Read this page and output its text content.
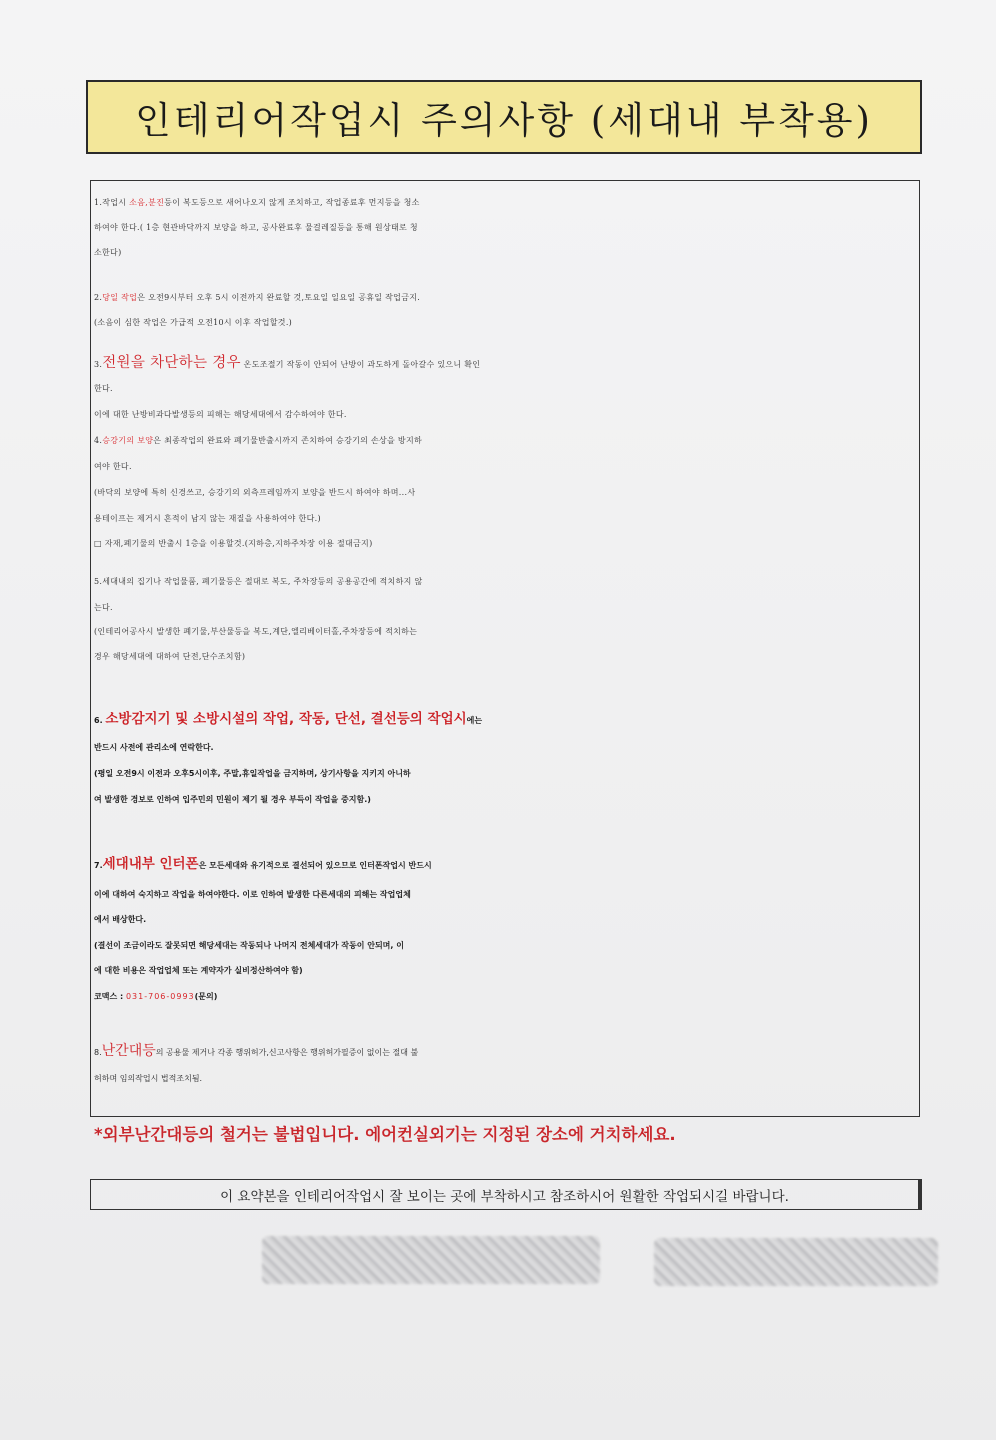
인테리어작업시 주의사항 (세대내 부착용)
1.작업시 소음,분진등이 복도등으로 새어나오지 않게 조치하고, 작업종료후 먼지등을 청소
하여야 한다.( 1층 현관바닥까지 보양을 하고, 공사완료후 물걸레질등을 통해 원상태로 청
소한다)
2.당일 작업은 오전9시부터 오후 5시 이전까지 완료할 것,토요일 일요일 공휴일 작업금지.
(소음이 심한 작업은 가급적 오전10시 이후 작업할것.)
3.전원을 차단하는 경우 온도조절기 작동이 안되어 난방이 과도하게 돌아갈수 있으니 확인
한다.
이에 대한 난방비과다발생등의 피해는 해당세대에서 감수하여야 한다.
4.승강기의 보양은 최종작업의 완료와 폐기물반출시까지 존치하여 승강기의 손상을 방지하
여야 한다.
(바닥의 보양에 특히 신경쓰고, 승강기의 외측프레임까지 보양을 반드시 하여야 하며...사
용테이프는 제거시 흔적이 남지 않는 재질을 사용하여야 한다.)
□ 자재,폐기물의 반출시 1층을 이용할것.(지하층,지하주차장 이용 절대금지)
5.세대내의 집기나 작업물품, 폐기물등은 절대로 복도, 주차장등의 공용공간에 적치하지 않
는다.
(인테리어공사시 발생한 폐기물,부산물등을 복도,계단,엘리베이터홀,주차장등에 적치하는
경우 해당세대에 대하여 단전,단수조치함)
6. 소방감지기 및 소방시설의 작업, 작동, 단선, 결선등의 작업시에는
반드시 사전에 관리소에 연락한다.
(평일 오전9시 이전과 오후5시이후, 주말,휴일작업을 금지하며, 상기사항을 지키지 아니하
여 발생한 경보로 인하여 입주민의 민원이 제기 될 경우 부득이 작업을 중지함.)
7.세대내부 인터폰은 모든세대와 유기적으로 결선되어 있으므로 인터폰작업시 반드시
이에 대하여 숙지하고 작업을 하여야한다. 이로 인하여 발생한 다른세대의 피해는 작업업체
에서 배상한다.
(결선이 조금이라도 잘못되면 해당세대는 작동되나 나머지 전체세대가 작동이 안되며, 이
에 대한 비용은 작업업체 또는 계약자가 실비정산하여야 함)
코맥스 : 031-706-0993(문의)
8.난간대등의 공용물 제거나 각종 행위허가,신고사항은 행위허가필증이 없이는 절대 불
허하며 임의작업시 법적조치됨.
*외부난간대등의 철거는 불법입니다. 에어컨실외기는 지정된 장소에 거치하세요.
이 요약본을 인테리어작업시 잘 보이는 곳에 부착하시고 참조하시어 원활한 작업되시길 바랍니다.
